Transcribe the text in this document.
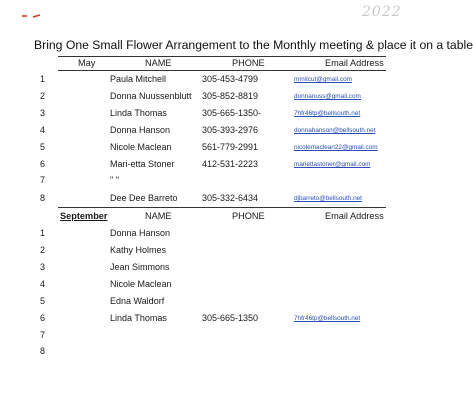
2022
Bring One Small Flower Arrangement to the Monthly meeting & place it on a table
May	NAME	PHONE	Email Address
1	Paula Mitchell	305-453-4799	mmitcut@gmail.com
2	Donna Nuussenblutt 305-852-8819	donnanuss@gmail.com
3	Linda Thomas	305-665-1350-	7hfr46tp@bellsouth.net
4	Donna Hanson	305-393-2976	donnahanson@bellsouth.net
5	Nicole Maclean	561-779-2991	nicolemaclean22@gmail.com
6	Mari-etta Stoner	412-531-2223	mariettastoner@gmail.com
7	" "
8	Dee Dee Barreto	305-332-6434	djbarreto@bellsouth.net
September	NAME	PHONE	Email Address
1	Donna Hanson
2	Kathy Holmes
3	Jean Simmons
4	Nicole Maclean
5	Edna Waldorf
6	Linda Thomas	305-665-1350	7hfr46tp@bellsouth.net
7
8
